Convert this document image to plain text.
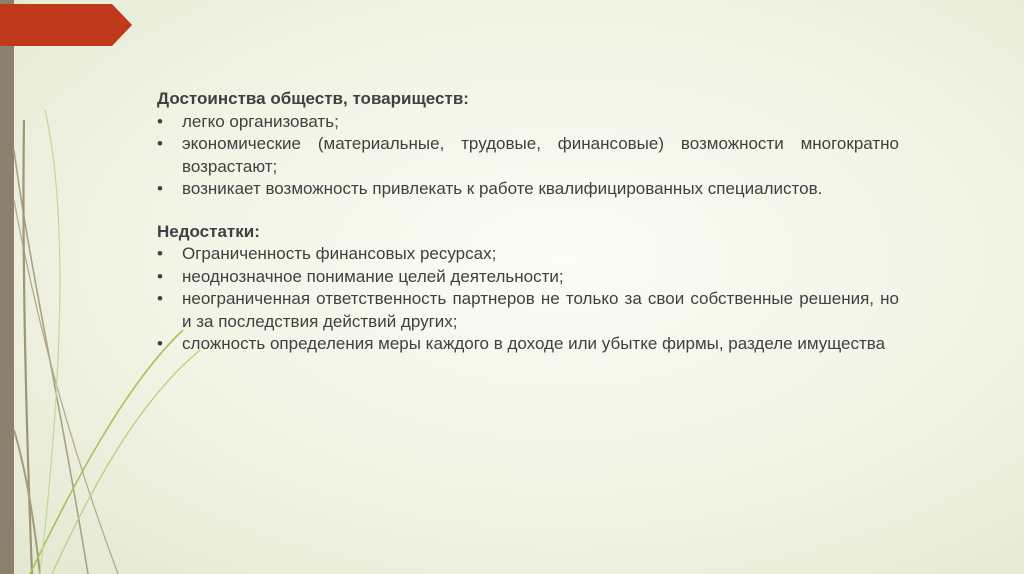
Достоинства обществ, товариществ:

• легко организовать;
• экономические (материальные, трудовые, финансовые) возможности многократно возрастают;
• возникает возможность привлекать к работе квалифицированных специалистов.

Недостатки:

• Ограниченность финансовых ресурсах;
• неоднозначное понимание целей деятельности;
• неограниченная ответственность партнеров не только за свои собственные решения, но и за последствия действий других;
• сложность определения меры каждого в доходе или убытке фирмы, разделе имущества
